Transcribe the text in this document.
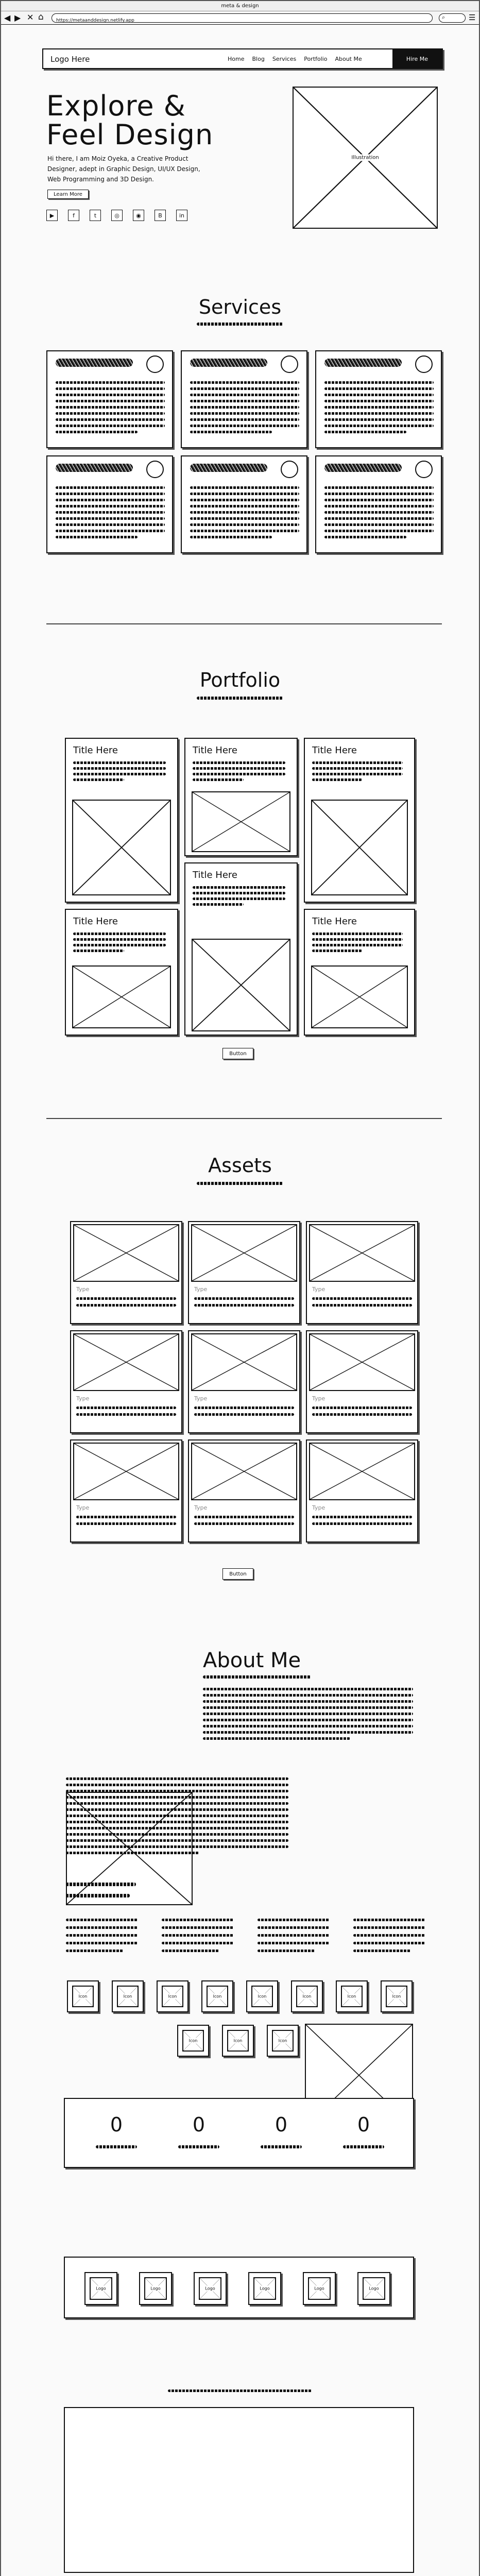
meta & design
◀ ▶ ✕ ⌂	https://metaanddesign.netlify.app	⌕	☰
Logo Here	Home Blog Services Portfolio About Me	Hire Me
Explore &
Feel Design
Hi there, I am Moiz Oyeka, a Creative Product
Designer, adept in Graphic Design, UI/UX Design,
Web Programming and 3D Design.
Learn More
▶	f	t	◎	◉	B	in
Illustration
Services
Portfolio
Title Here	Title Here	Title Here
Title Here
Title Here
Title Here
Button
Assets
Type	Type	Type
Type	Type	Type
Type	Type	Type
Button
About Me
Icon	Icon	Icon	Icon	Icon	Icon	Icon	Icon
Icon	Icon	Icon
0	0	0	0
Logo	Logo	Logo	Logo	Logo	Logo
